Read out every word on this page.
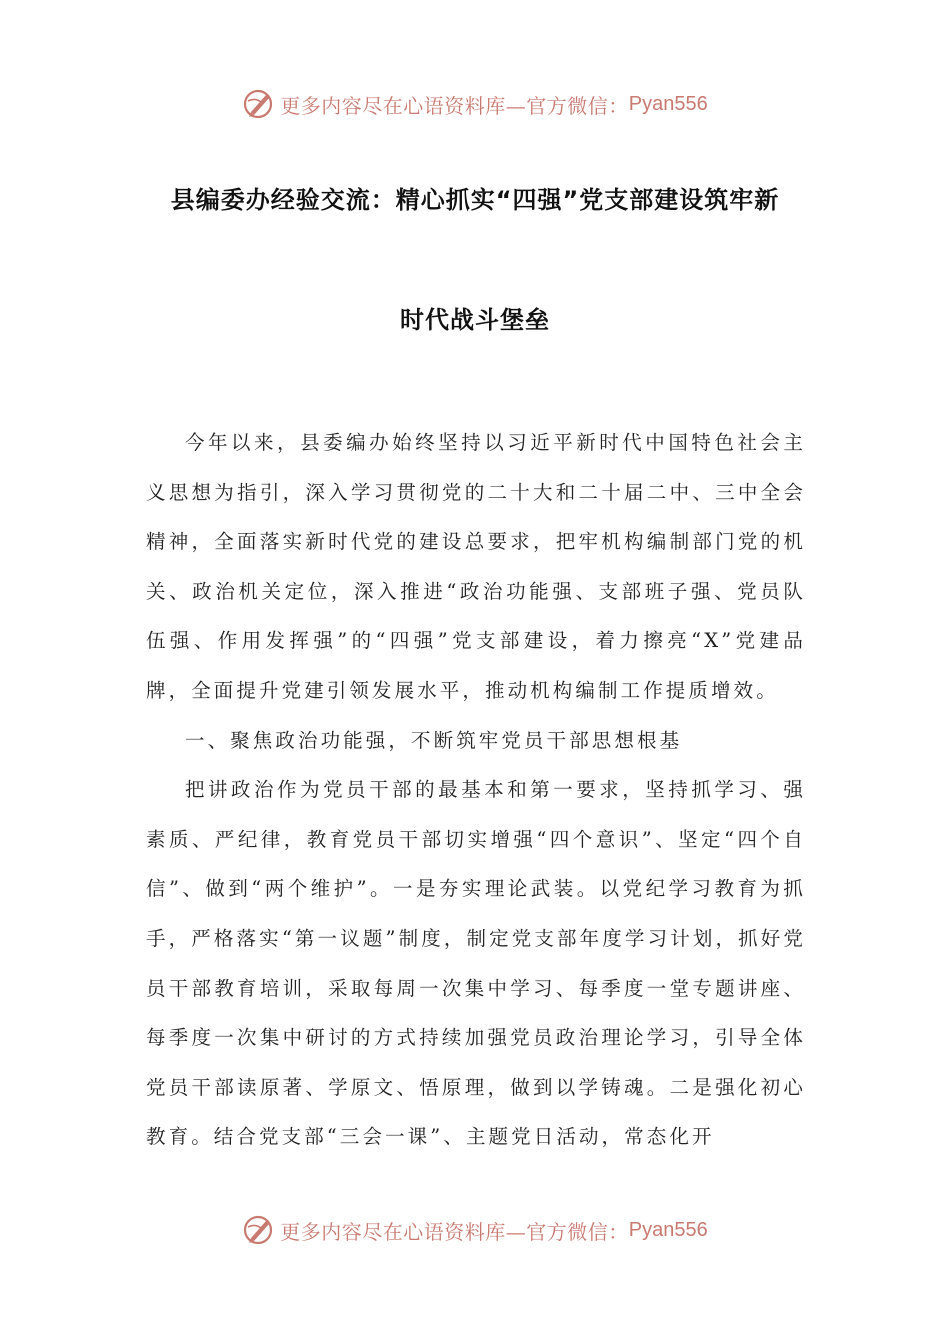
更多内容尽在心语资料库—官方微信： Pyan556
县编委办经验交流：精心抓实“四强”党支部建设筑牢新
时代战斗堡垒

今年以来，县委编办始终坚持以习近平新时代中国特色社会主义思想为指引，深入学习贯彻党的二十大和二十届二中、三中全会精神，全面落实新时代党的建设总要求，把牢机构编制部门党的机关、政治机关定位，深入推进“政治功能强、支部班子强、党员队伍强、作用发挥强”的“四强”党支部建设，着力擦亮“X”党建品牌，全面提升党建引领发展水平，推动机构编制工作提质增效。

一、聚焦政治功能强，不断筑牢党员干部思想根基

把讲政治作为党员干部的最基本和第一要求，坚持抓学习、强素质、严纪律，教育党员干部切实增强“四个意识”、坚定“四个自信”、做到“两个维护”。一是夯实理论武装。以党纪学习教育为抓手，严格落实“第一议题”制度，制定党支部年度学习计划，抓好党员干部教育培训，采取每周一次集中学习、每季度一堂专题讲座、每季度一次集中研讨的方式持续加强党员政治理论学习，引导全体党员干部读原著、学原文、悟原理，做到以学铸魂。二是强化初心教育。结合党支部“三会一课”、主题党日活动，常态化开

更多内容尽在心语资料库—官方微信： Pyan556
